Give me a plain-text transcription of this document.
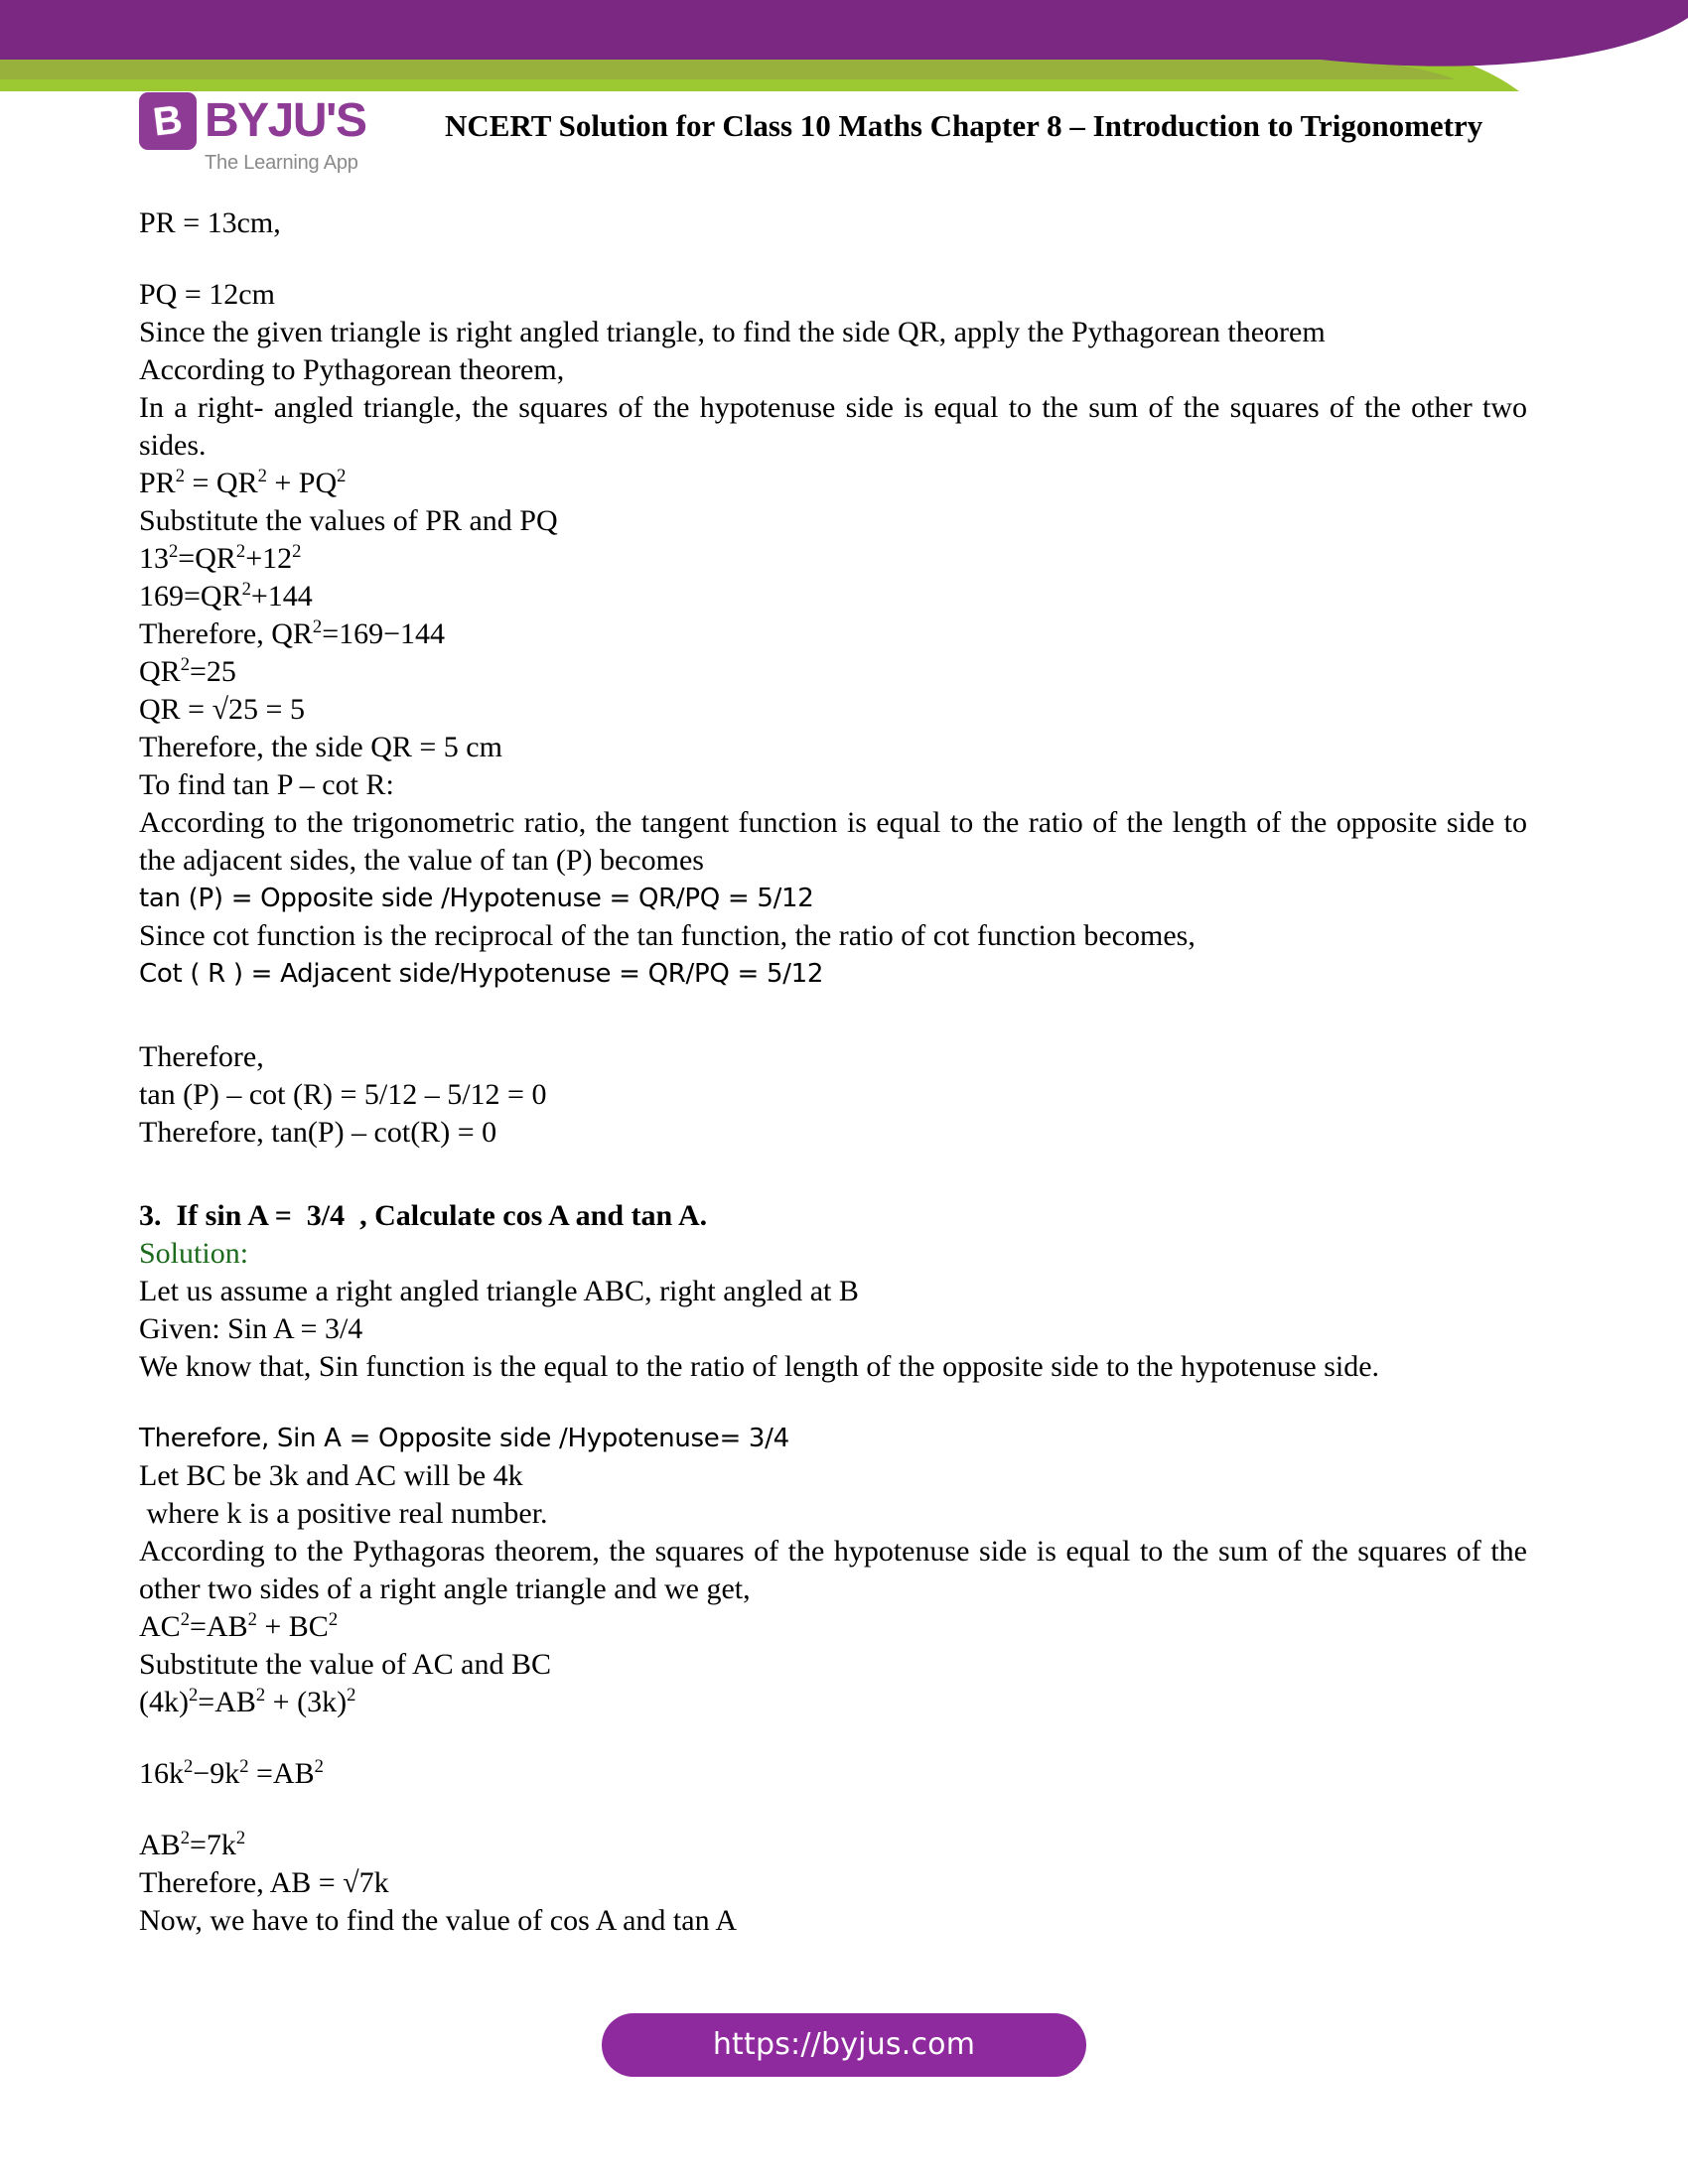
B BYJU'S
The Learning App
NCERT Solution for Class 10 Maths Chapter 8 – Introduction to Trigonometry
PR = 13cm,
PQ = 12cm
Since the given triangle is right angled triangle, to find the side QR, apply the Pythagorean theorem
According to Pythagorean theorem,
In a right- angled triangle, the squares of the hypotenuse side is equal to the sum of the squares of the other two sides.
$PR^2 = QR^2 + PQ^2$
Substitute the values of PR and PQ
$13^2=QR^2+12^2$
$169=QR^2+144$
Therefore, $QR^2=169-144$
$QR^2=25$
QR = √25 = 5
Therefore, the side QR = 5 cm
To find tan P – cot R:
According to the trigonometric ratio, the tangent function is equal to the ratio of the length of the opposite side to the adjacent sides, the value of tan (P) becomes
tan (P) = Opposite side /Hypotenuse = QR/PQ = 5/12
Since cot function is the reciprocal of the tan function, the ratio of cot function becomes,
Cot ( R ) = Adjacent side/Hypotenuse = QR/PQ = 5/12
Therefore,
tan (P) – cot (R) = 5/12 – 5/12 = 0
Therefore, tan(P) – cot(R) = 0
3.  If sin A =  3/4  , Calculate cos A and tan A.
Solution:
Let us assume a right angled triangle ABC, right angled at B
Given: Sin A = 3/4
We know that, Sin function is the equal to the ratio of length of the opposite side to the hypotenuse side.
Therefore, Sin A = Opposite side /Hypotenuse= 3/4
Let BC be 3k and AC will be 4k
where k is a positive real number.
According to the Pythagoras theorem, the squares of the hypotenuse side is equal to the sum of the squares of the other two sides of a right angle triangle and we get,
$AC^2=AB^2 + BC^2$
Substitute the value of AC and BC
$(4k)^2=AB^2 + (3k)^2$
$16k^2-9k^2 =AB^2$
$AB^2=7k^2$
Therefore, AB = √7k
Now, we have to find the value of cos A and tan A
https://byjus.com
